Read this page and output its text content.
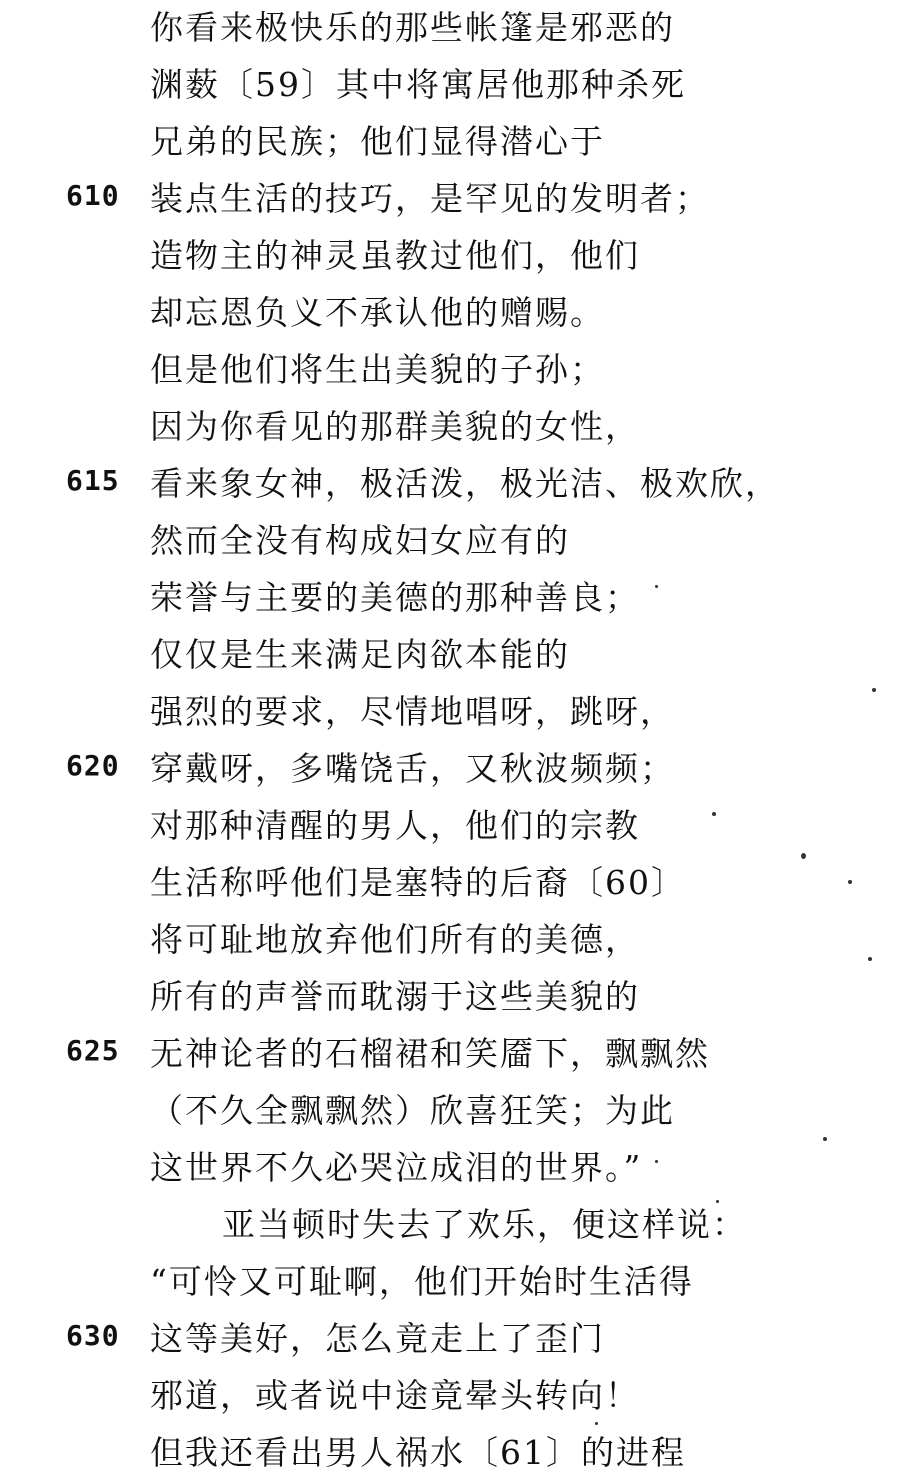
你看来极快乐的那些帐篷是邪恶的
渊薮〔59〕其中将寓居他那种杀死
兄弟的民族；他们显得潜心于
610 装点生活的技巧，是罕见的发明者；
造物主的神灵虽教过他们，他们
却忘恩负义不承认他的赠赐。
但是他们将生出美貌的子孙；
因为你看见的那群美貌的女性，
615 看来象女神，极活泼，极光洁、极欢欣，
然而全没有构成妇女应有的
荣誉与主要的美德的那种善良；
仅仅是生来满足肉欲本能的
强烈的要求，尽情地唱呀，跳呀，
620 穿戴呀，多嘴饶舌，又秋波频频；
对那种清醒的男人，他们的宗教
生活称呼他们是塞特的后裔〔60〕
将可耻地放弃他们所有的美德，
所有的声誉而耽溺于这些美貌的
625 无神论者的石榴裙和笑靥下，飘飘然
（不久全飘飘然）欣喜狂笑；为此
这世界不久必哭泣成泪的世界。”
亚当顿时失去了欢乐，便这样说：
“可怜又可耻啊，他们开始时生活得
630 这等美好，怎么竟走上了歪门
邪道，或者说中途竟晕头转向！
但我还看出男人祸水〔61〕的进程
